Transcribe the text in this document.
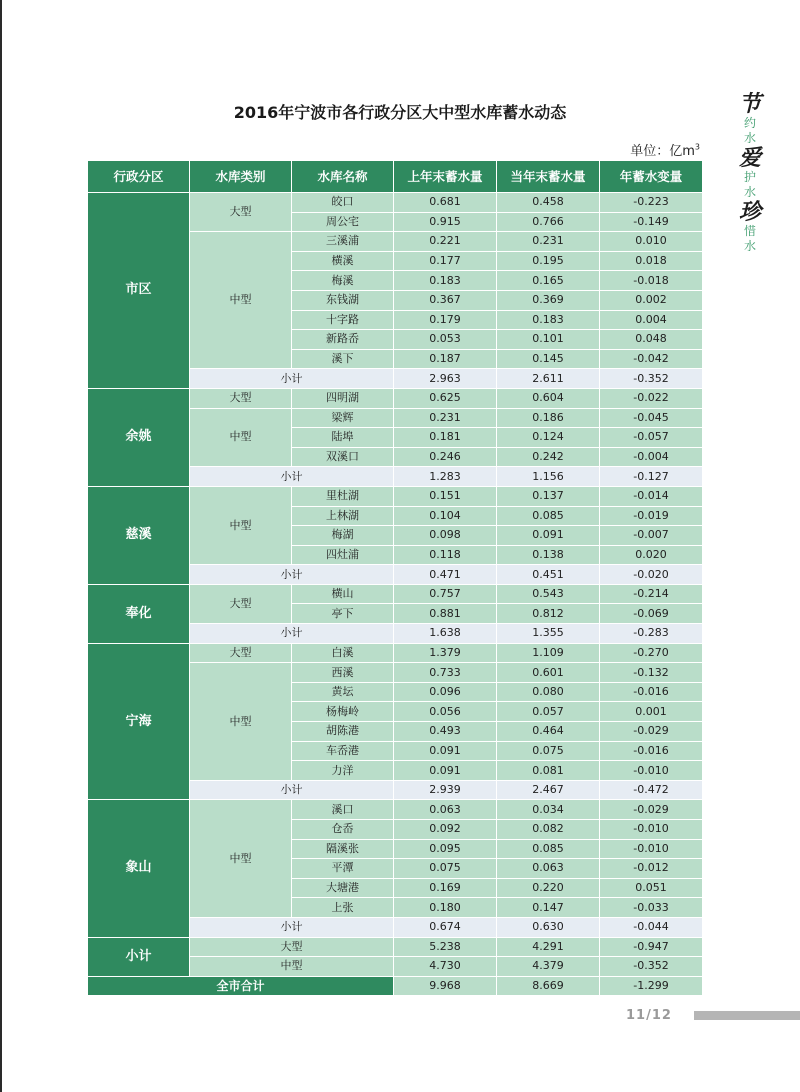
2016年宁波市各行政分区大中型水库蓄水动态
单位：亿$m^3$
行政分区	水库类别	水库名称	上年末蓄水量	当年末蓄水量	年蓄水变量
市区	大型	皎口	0.681	0.458	-0.223
		周公宅	0.915	0.766	-0.149
	中型	三溪浦	0.221	0.231	0.010
		横溪	0.177	0.195	0.018
		梅溪	0.183	0.165	-0.018
		东钱湖	0.367	0.369	0.002
		十字路	0.179	0.183	0.004
		新路岙	0.053	0.101	0.048
		溪下	0.187	0.145	-0.042
	小计		2.963	2.611	-0.352
余姚	大型	四明湖	0.625	0.604	-0.022
	中型	梁辉	0.231	0.186	-0.045
		陆埠	0.181	0.124	-0.057
		双溪口	0.246	0.242	-0.004
	小计		1.283	1.156	-0.127
慈溪	中型	里杜湖	0.151	0.137	-0.014
		上林湖	0.104	0.085	-0.019
		梅湖	0.098	0.091	-0.007
		四灶浦	0.118	0.138	0.020
	小计		0.471	0.451	-0.020
奉化	大型	横山	0.757	0.543	-0.214
		亭下	0.881	0.812	-0.069
	小计		1.638	1.355	-0.283
宁海	大型	白溪	1.379	1.109	-0.270
	中型	西溪	0.733	0.601	-0.132
		黄坛	0.096	0.080	-0.016
		杨梅岭	0.056	0.057	0.001
		胡陈港	0.493	0.464	-0.029
		车岙港	0.091	0.075	-0.016
		力洋	0.091	0.081	-0.010
	小计		2.939	2.467	-0.472
象山	中型	溪口	0.063	0.034	-0.029
		仓岙	0.092	0.082	-0.010
		隔溪张	0.095	0.085	-0.010
		平潭	0.075	0.063	-0.012
		大塘港	0.169	0.220	0.051
		上张	0.180	0.147	-0.033
	小计		0.674	0.630	-0.044
小计	大型		5.238	4.291	-0.947
	中型		4.730	4.379	-0.352
全市合计			9.968	8.669	-1.299
节
约
水
爱
护
水
珍
惜
水
11/12
